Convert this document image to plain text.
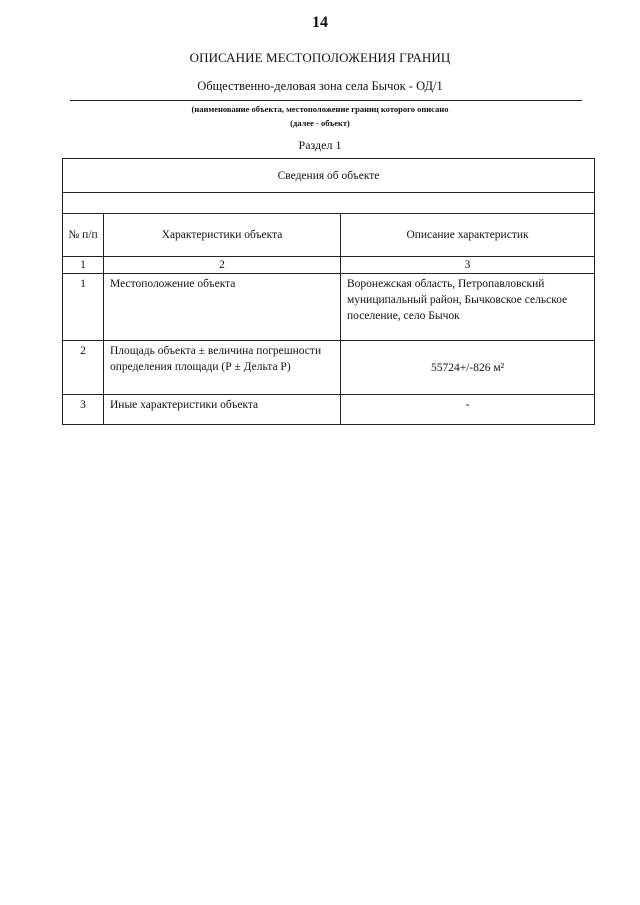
14
ОПИСАНИЕ МЕСТОПОЛОЖЕНИЯ ГРАНИЦ
Общественно-деловая зона села Бычок - ОД/1
(наименование объекта, местоположение границ которого описано
(далее - объект)
Раздел 1
Сведения об объекте		

№ п/п	Характеристики объекта	Описание характеристик
1	2	3
1	Местоположение объекта	Воронежская область, Петропавловский муниципальный район, Бычковское сельское поселение, село Бычок
2	Площадь объекта ± величина погрешности определения площади (Р ± Дельта Р)	55724+/-826 м²
3	Иные характеристики объекта	-
